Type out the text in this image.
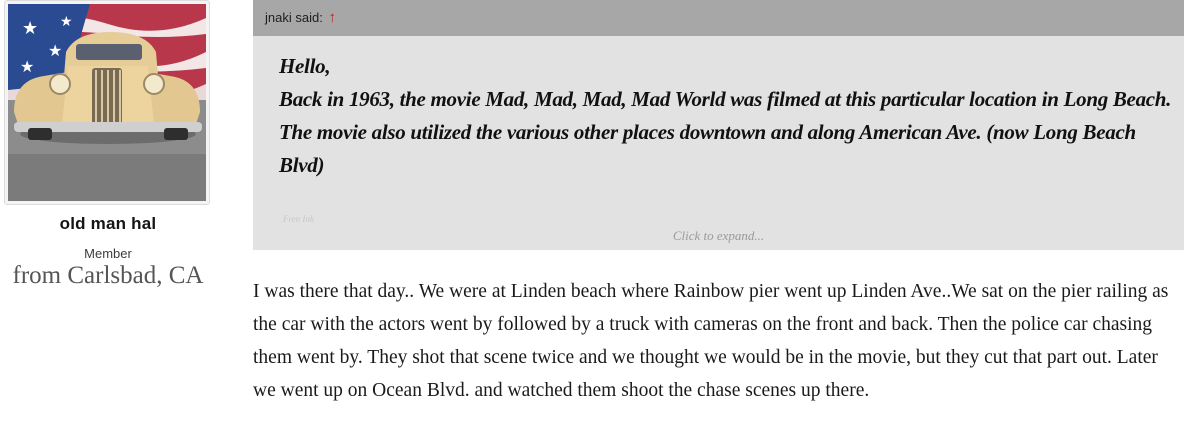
★
★
★
★
old man hal
Member
from Carlsbad, CA
jnaki said: ↑
Hello,
Back in 1963, the movie Mad, Mad, Mad, Mad World was filmed at this particular location in Long Beach. The movie also utilized the various other places downtown and along American Ave. (now Long Beach Blvd)
Fren Ink
Click to expand...
I was there that day.. We were at Linden beach where Rainbow pier went up Linden Ave..We sat on the pier railing as the car with the actors went by followed by a truck with cameras on the front and back. Then the police car chasing them went by. They shot that scene twice and we thought we would be in the movie, but they cut that part out. Later we went up on Ocean Blvd. and watched them shoot the chase scenes up there.
